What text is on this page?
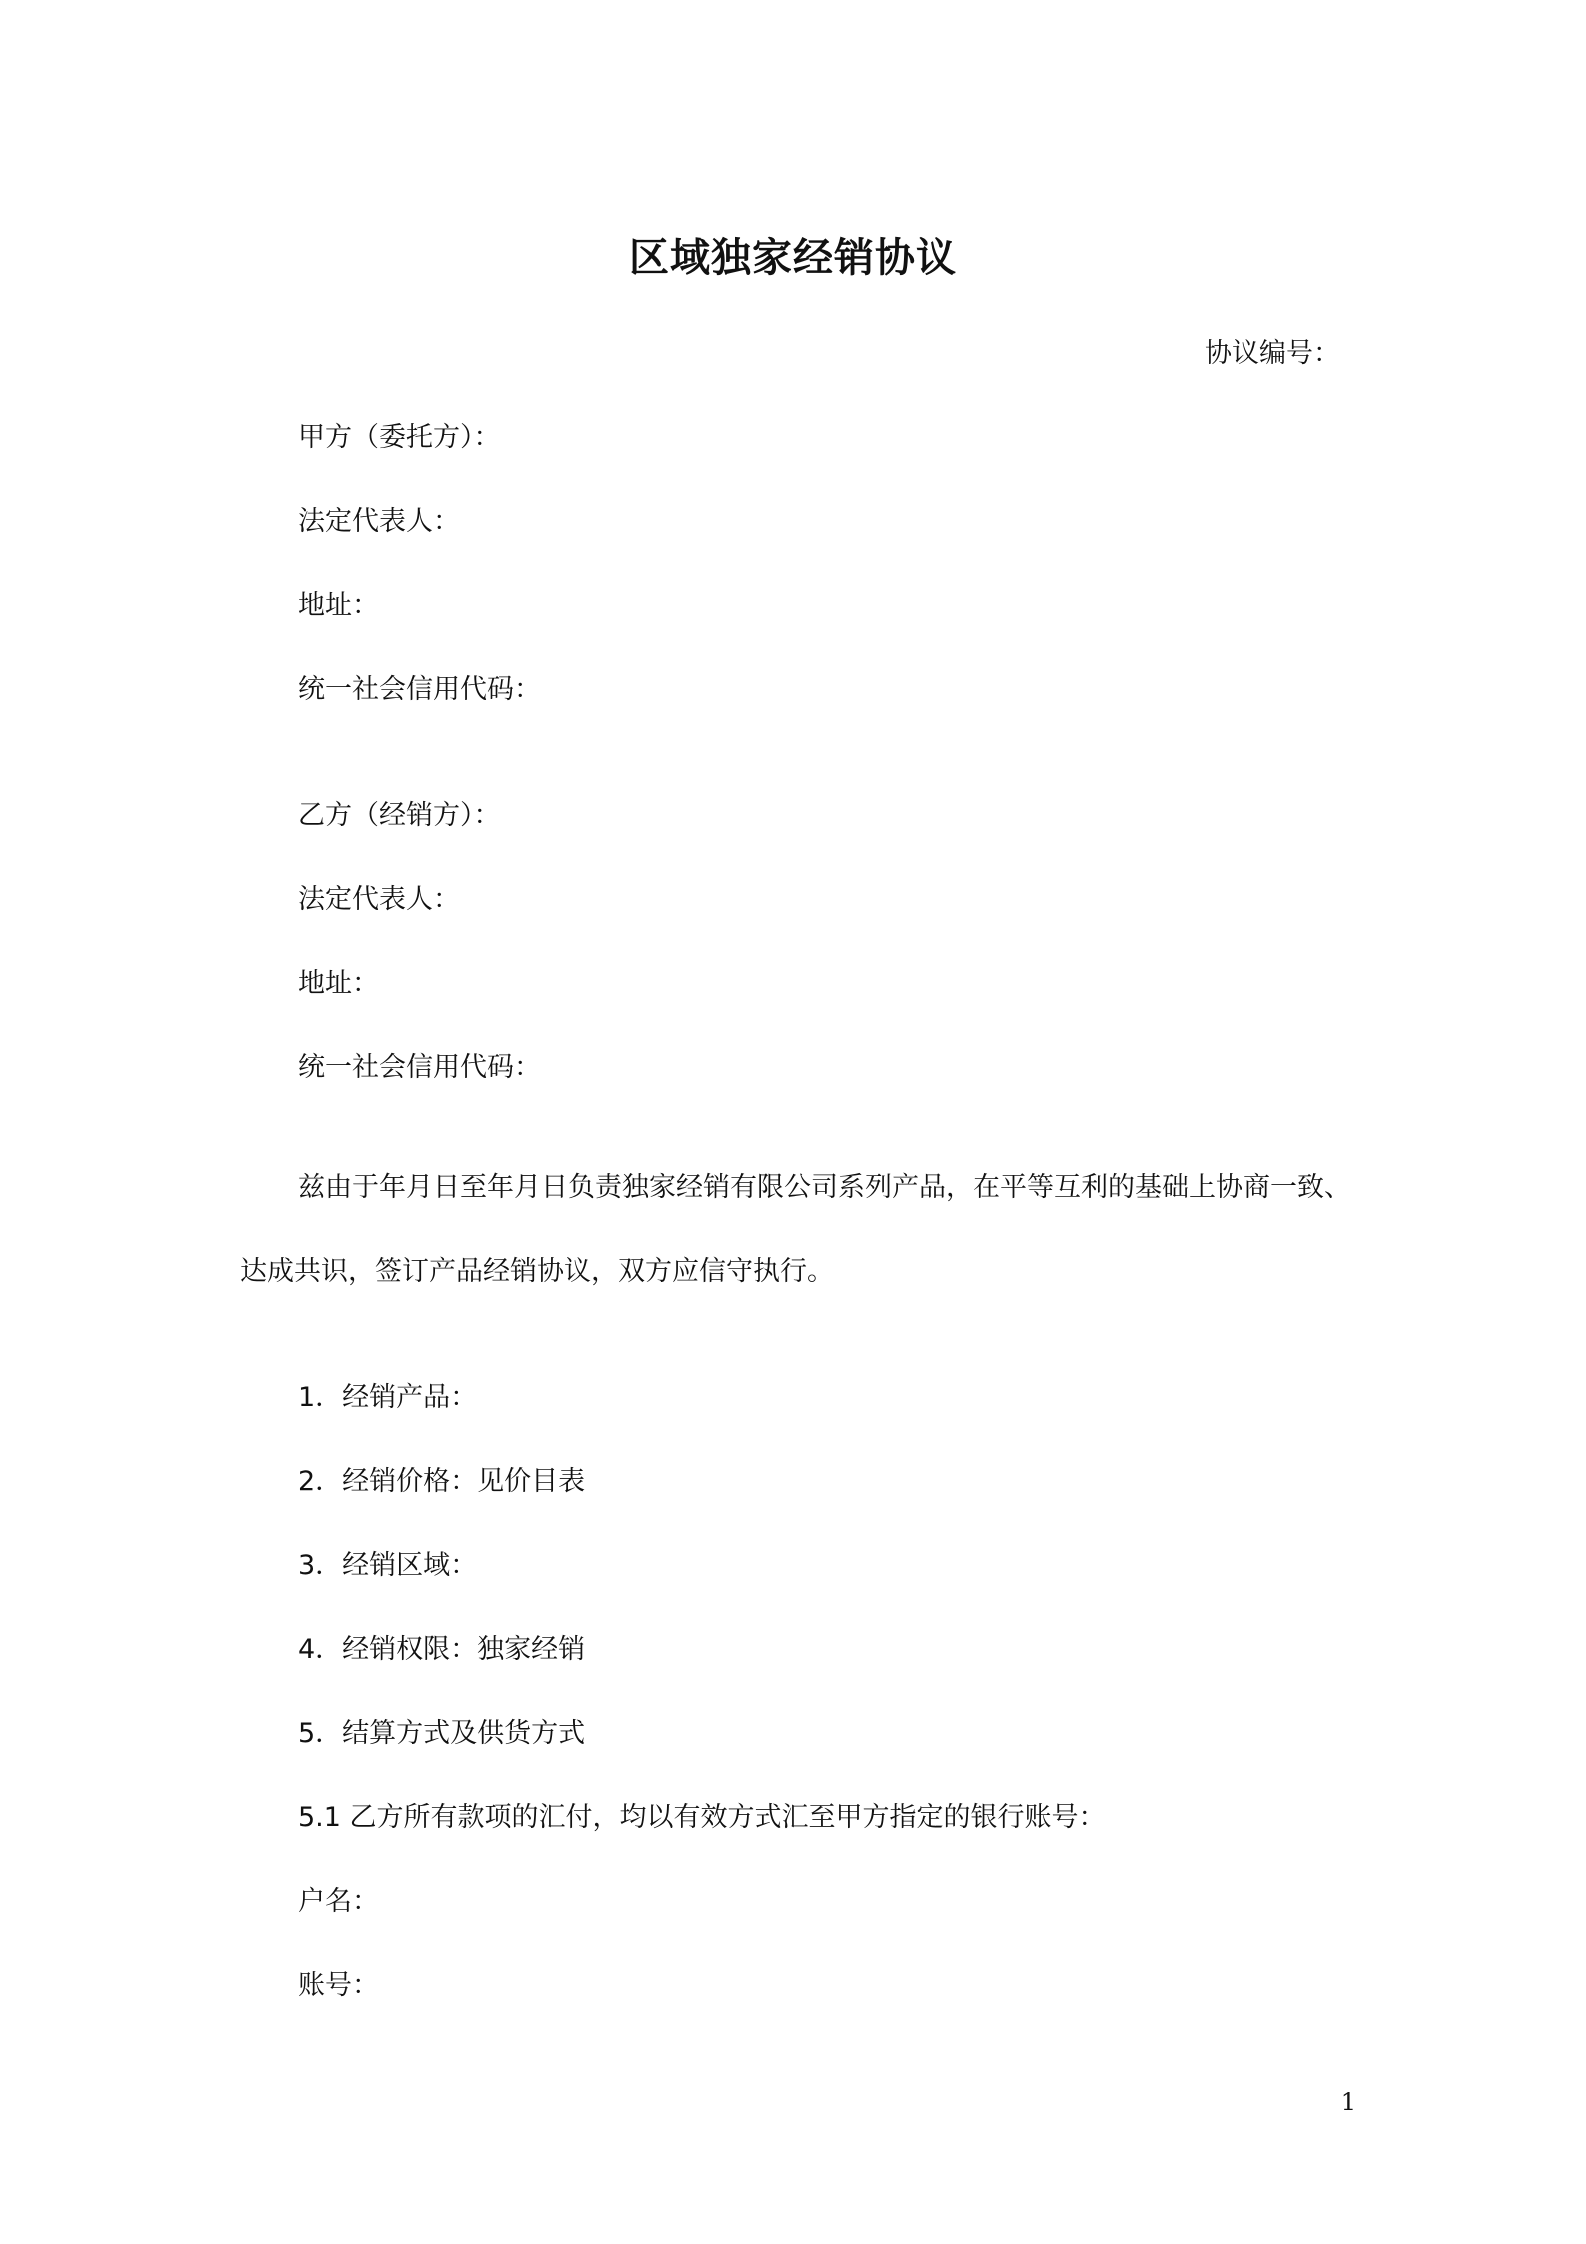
区域独家经销协议
协议编号：
甲方（委托方）：
法定代表人：
地址：
统一社会信用代码：
乙方（经销方）：
法定代表人：
地址：
统一社会信用代码：
兹由于年月日至年月日负责独家经销有限公司系列产品，在平等互利的基础上协商一致、
达成共识，签订产品经销协议，双方应信守执行。
1．经销产品：
2．经销价格：见价目表
3．经销区域：
4．经销权限：独家经销
5．结算方式及供货方式
5.1 乙方所有款项的汇付，均以有效方式汇至甲方指定的银行账号：
户名：
账号：
1
